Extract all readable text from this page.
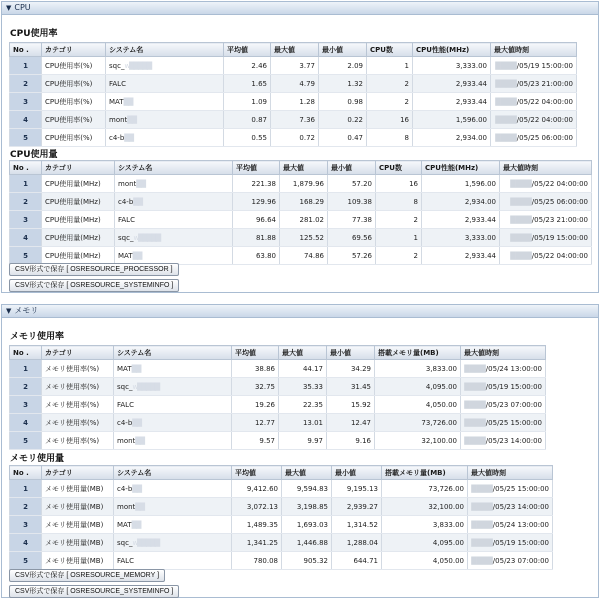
▼ CPU
CPU使用率
No .	カテゴリ	システム名	平均値	最大値	最小値	CPU数	CPU性能(MHz)	最大値時刻
1	CPU使用率(%)	sqc_w█████	2.46	3.77	2.09	1	3,333.00	████/05/19 15:00:00
2	CPU使用率(%)	FALC	1.65	4.79	1.32	2	2,933.44	████/05/23 21:00:00
3	CPU使用率(%)	MAT██	1.09	1.28	0.98	2	2,933.44	████/05/22 04:00:00
4	CPU使用率(%)	mont██	0.87	7.36	0.22	16	1,596.00	████/05/22 04:00:00
5	CPU使用率(%)	c4-b██	0.55	0.72	0.47	8	2,934.00	████/05/25 06:00:00
CPU使用量
No .	カテゴリ	システム名	平均値	最大値	最小値	CPU数	CPU性能(MHz)	最大値時刻
1	CPU使用量(MHz)	mont██	221.38	1,879.96	57.20	16	1,596.00	████/05/22 04:00:00
2	CPU使用量(MHz)	c4-b██	129.96	168.29	109.38	8	2,934.00	████/05/25 06:00:00
3	CPU使用量(MHz)	FALC	96.64	281.02	77.38	2	2,933.44	████/05/23 21:00:00
4	CPU使用量(MHz)	sqc_w█████	81.88	125.52	69.56	1	3,333.00	████/05/19 15:00:00
5	CPU使用量(MHz)	MAT██	63.80	74.86	57.26	2	2,933.44	████/05/22 04:00:00
CSV形式で保存 [ OSRESOURCE_PROCESSOR ]
CSV形式で保存 [ OSRESOURCE_SYSTEMINFO ]
▼ メモリ
メモリ使用率
No .	カテゴリ	システム名	平均値	最大値	最小値	搭載メモリ量(MB)	最大値時刻
1	メモリ使用率(%)	MAT██	38.86	44.17	34.29	3,833.00	████/05/24 13:00:00
2	メモリ使用率(%)	sqc_w█████	32.75	35.33	31.45	4,095.00	████/05/19 15:00:00
3	メモリ使用率(%)	FALC	19.26	22.35	15.92	4,050.00	████/05/23 07:00:00
4	メモリ使用率(%)	c4-b██	12.77	13.01	12.47	73,726.00	████/05/25 15:00:00
5	メモリ使用率(%)	mont██	9.57	9.97	9.16	32,100.00	████/05/23 14:00:00
メモリ使用量
No .	カテゴリ	システム名	平均値	最大値	最小値	搭載メモリ量(MB)	最大値時刻
1	メモリ使用量(MB)	c4-b██	9,412.60	9,594.83	9,195.13	73,726.00	████/05/25 15:00:00
2	メモリ使用量(MB)	mont██	3,072.13	3,198.85	2,939.27	32,100.00	████/05/23 14:00:00
3	メモリ使用量(MB)	MAT██	1,489.35	1,693.03	1,314.52	3,833.00	████/05/24 13:00:00
4	メモリ使用量(MB)	sqc_w█████	1,341.25	1,446.88	1,288.04	4,095.00	████/05/19 15:00:00
5	メモリ使用量(MB)	FALC	780.08	905.32	644.71	4,050.00	████/05/23 07:00:00
CSV形式で保存 [ OSRESOURCE_MEMORY ]
CSV形式で保存 [ OSRESOURCE_SYSTEMINFO ]
